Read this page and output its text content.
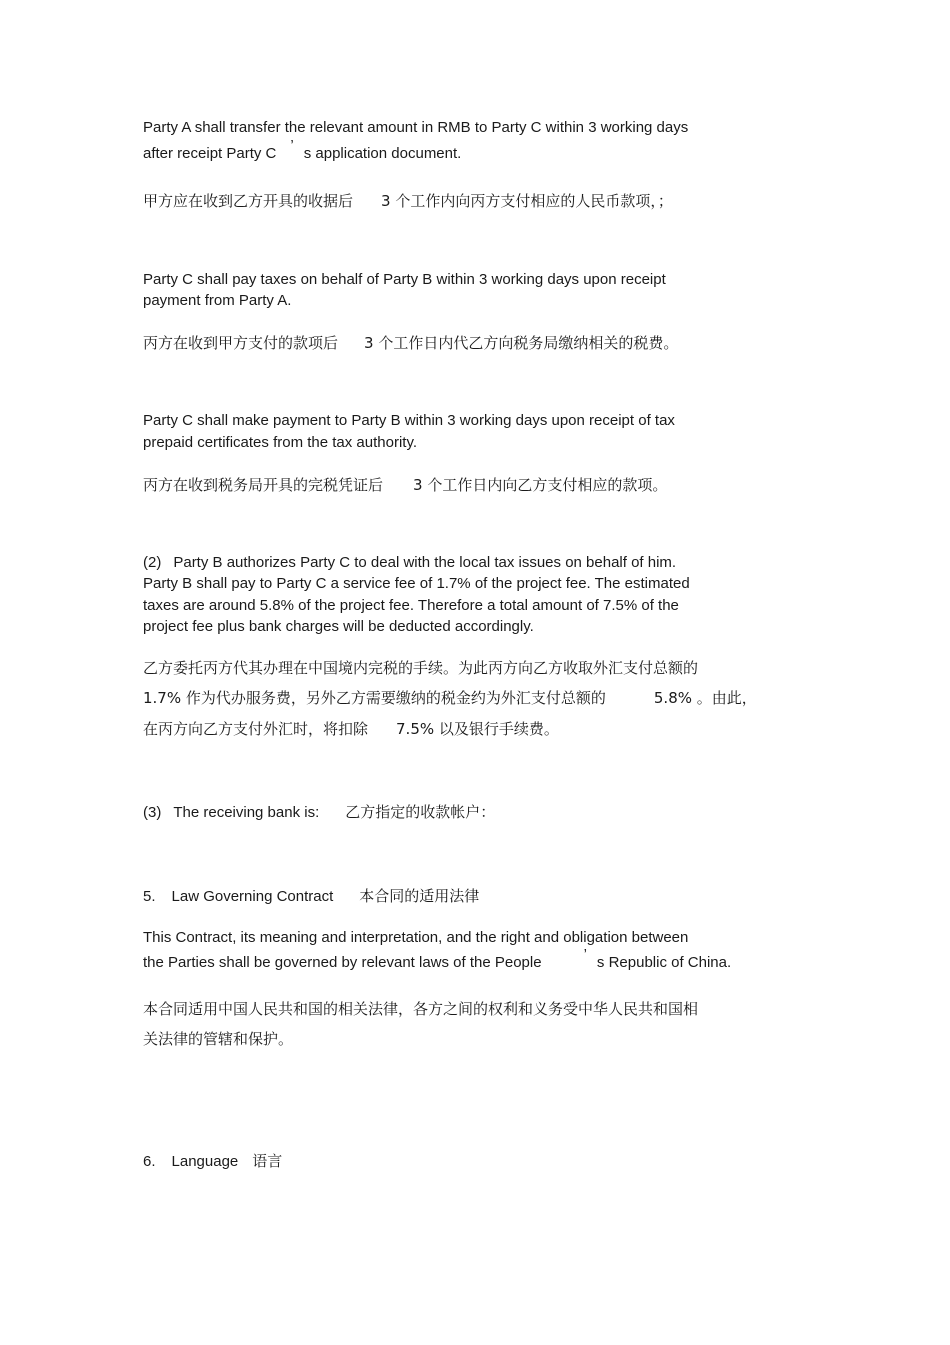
Party A shall transfer the relevant amount in RMB to Party C within 3 working days
after receipt Party C ’ s application document.
甲方应在收到乙方开具的收据后 3 个工作内向丙方支付相应的人民币款项，；
Party C shall pay taxes on behalf of Party B within 3 working days upon receipt
payment from Party A.
丙方在收到甲方支付的款项后 3 个工作日内代乙方向税务局缴纳相关的税费。
Party C shall make payment to Party B within 3 working days upon receipt of tax
prepaid certificates from the tax authority.
丙方在收到税务局开具的完税凭证后 3 个工作日内向乙方支付相应的款项。
(2) Party B authorizes Party C to deal with the local tax issues on behalf of him.
Party B shall pay to Party C a service fee of 1.7% of the project fee. The estimated
taxes are around 5.8% of the project fee. Therefore a total amount of 7.5% of the
project fee plus bank charges will be deducted accordingly.
乙方委托丙方代其办理在中国境内完税的手续。为此丙方向乙方收取外汇支付总额的
1.7% 作为代办服务费，另外乙方需要缴纳的税金约为外汇支付总额的	5.8% 。由此，
在丙方向乙方支付外汇时，将扣除 7.5% 以及银行手续费。
(3) The receiving bank is: 乙方指定的收款帐户：
5. Law Governing Contract 本合同的适用法律
This Contract, its meaning and interpretation, and the right and obligation between
the Parties shall be governed by relevant laws of the People	’ s Republic of China.
本合同适用中国人民共和国的相关法律，各方之间的权利和义务受中华人民共和国相
关法律的管辖和保护。
6. Language 语言
